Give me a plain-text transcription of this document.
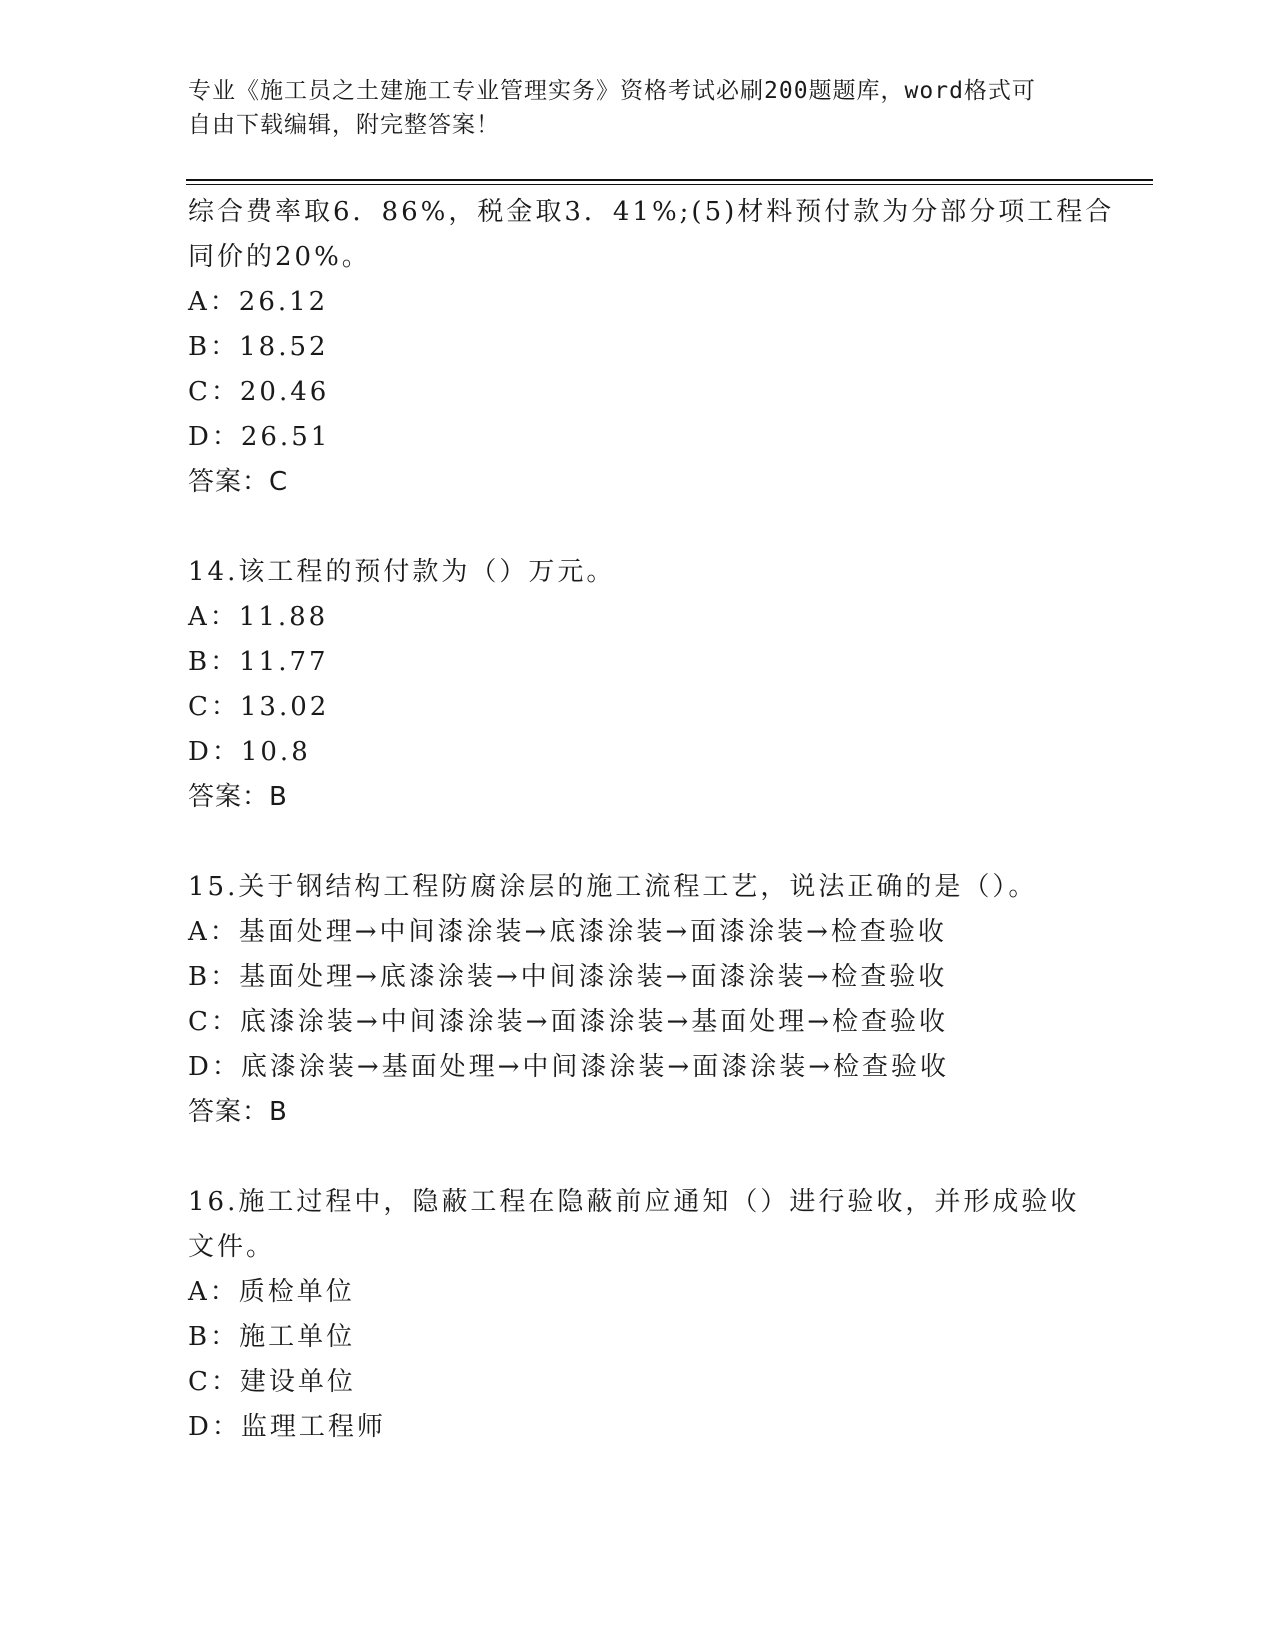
专业《施工员之土建施工专业管理实务》资格考试必刷200题题库，word格式可
自由下载编辑，附完整答案！
综合费率取6．86%，税金取3．41%;(5)材料预付款为分部分项工程合
同价的20%。
A：26.12
B：18.52
C：20.46
D：26.51
答案：C
14.该工程的预付款为（）万元。
A：11.88
B：11.77
C：13.02
D：10.8
答案：B
15.关于钢结构工程防腐涂层的施工流程工艺，说法正确的是（）。
A：基面处理→中间漆涂装→底漆涂装→面漆涂装→检查验收
B：基面处理→底漆涂装→中间漆涂装→面漆涂装→检查验收
C：底漆涂装→中间漆涂装→面漆涂装→基面处理→检查验收
D：底漆涂装→基面处理→中间漆涂装→面漆涂装→检查验收
答案：B
16.施工过程中，隐蔽工程在隐蔽前应通知（）进行验收，并形成验收
文件。
A：质检单位
B：施工单位
C：建设单位
D：监理工程师
